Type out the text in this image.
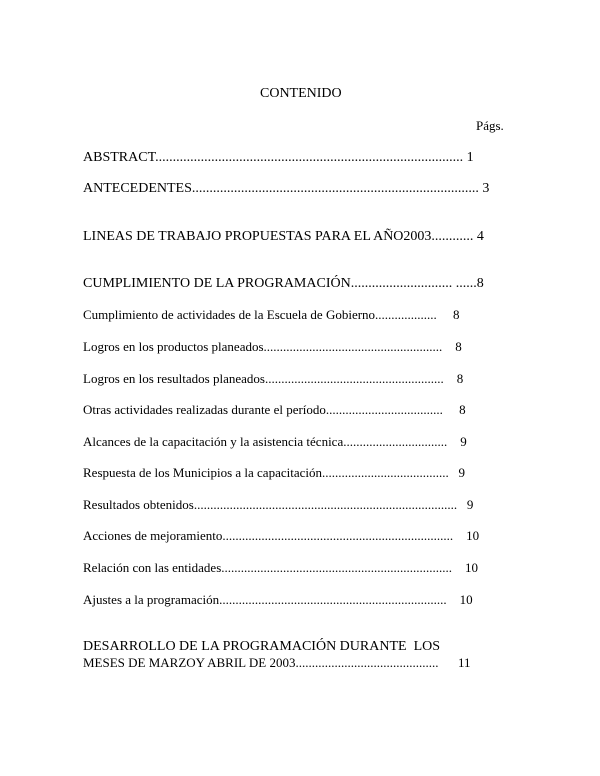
CONTENIDO
Págs.
ABSTRACT........................................................................................ 1
ANTECEDENTES.................................................................................. 3
LINEAS DE TRABAJO PROPUESTAS PARA EL AÑO2003............ 4
CUMPLIMIENTO DE LA PROGRAMACIÓN............................. ......8
Cumplimiento de actividades de la Escuela de Gobierno...................     8
Logros en los productos planeados.......................................................    8
Logros en los resultados planeados.......................................................    8
Otras actividades realizadas durante el período....................................     8
Alcances de la capacitación y la asistencia técnica................................    9
Respuesta de los Municipios a la capacitación.......................................   9
Resultados obtenidos.................................................................................   9
Acciones de mejoramiento.......................................................................    10
Relación con las entidades.......................................................................    10
Ajustes a la programación......................................................................    10
DESARROLLO DE LA PROGRAMACIÓN DURANTE  LOS
MESES DE MARZOY ABRIL DE 2003............................................      11
